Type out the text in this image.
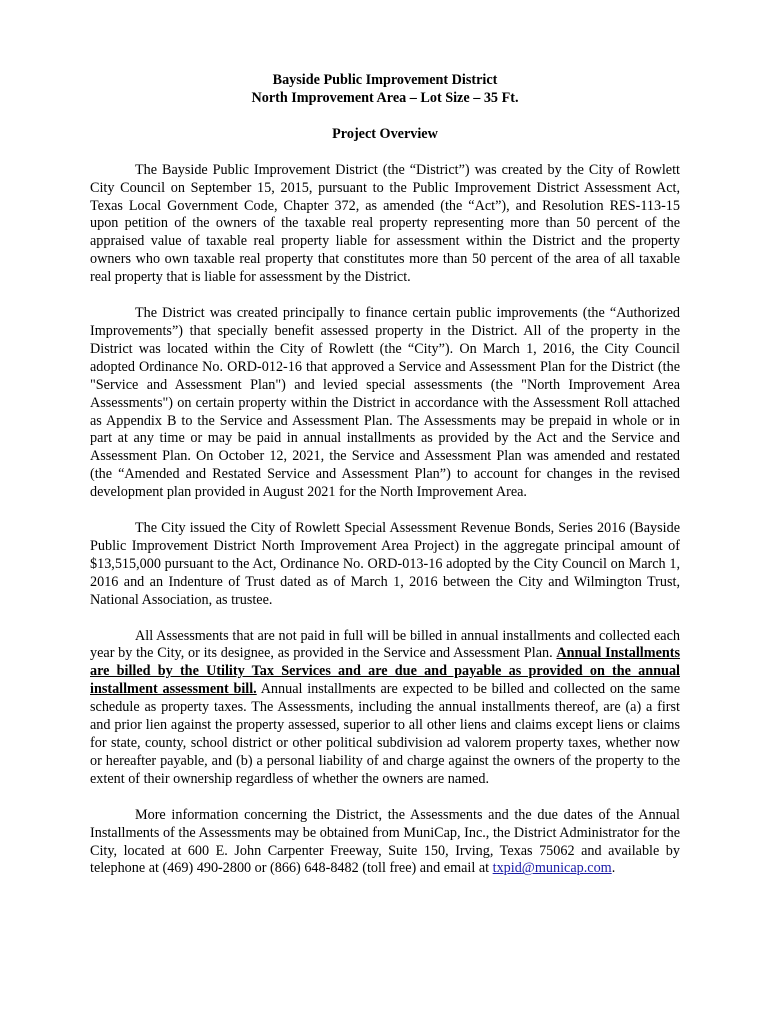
Bayside Public Improvement District
North Improvement Area – Lot Size – 35 Ft.
Project Overview

The Bayside Public Improvement District (the “District”) was created by the City of Rowlett City Council on September 15, 2015, pursuant to the Public Improvement District Assessment Act, Texas Local Government Code, Chapter 372, as amended (the “Act”), and Resolution RES-113-15 upon petition of the owners of the taxable real property representing more than 50 percent of the appraised value of taxable real property liable for assessment within the District and the property owners who own taxable real property that constitutes more than 50 percent of the area of all taxable real property that is liable for assessment by the District.

The District was created principally to finance certain public improvements (the “Authorized Improvements”) that specially benefit assessed property in the District. All of the property in the District was located within the City of Rowlett (the “City”). On March 1, 2016, the City Council adopted Ordinance No. ORD-012-16 that approved a Service and Assessment Plan for the District (the "Service and Assessment Plan") and levied special assessments (the "North Improvement Area Assessments") on certain property within the District in accordance with the Assessment Roll attached as Appendix B to the Service and Assessment Plan. The Assessments may be prepaid in whole or in part at any time or may be paid in annual installments as provided by the Act and the Service and Assessment Plan. On October 12, 2021, the Service and Assessment Plan was amended and restated (the “Amended and Restated Service and Assessment Plan”) to account for changes in the revised development plan provided in August 2021 for the North Improvement Area.

The City issued the City of Rowlett Special Assessment Revenue Bonds, Series 2016 (Bayside Public Improvement District North Improvement Area Project) in the aggregate principal amount of $13,515,000 pursuant to the Act, Ordinance No. ORD-013-16 adopted by the City Council on March 1, 2016 and an Indenture of Trust dated as of March 1, 2016 between the City and Wilmington Trust, National Association, as trustee.

All Assessments that are not paid in full will be billed in annual installments and collected each year by the City, or its designee, as provided in the Service and Assessment Plan. Annual Installments are billed by the Utility Tax Services and are due and payable as provided on the annual installment assessment bill. Annual installments are expected to be billed and collected on the same schedule as property taxes. The Assessments, including the annual installments thereof, are (a) a first and prior lien against the property assessed, superior to all other liens and claims except liens or claims for state, county, school district or other political subdivision ad valorem property taxes, whether now or hereafter payable, and (b) a personal liability of and charge against the owners of the property to the extent of their ownership regardless of whether the owners are named.

More information concerning the District, the Assessments and the due dates of the Annual Installments of the Assessments may be obtained from MuniCap, Inc., the District Administrator for the City, located at 600 E. John Carpenter Freeway, Suite 150, Irving, Texas 75062 and available by telephone at (469) 490-2800 or (866) 648-8482 (toll free) and email at txpid@municap.com.
